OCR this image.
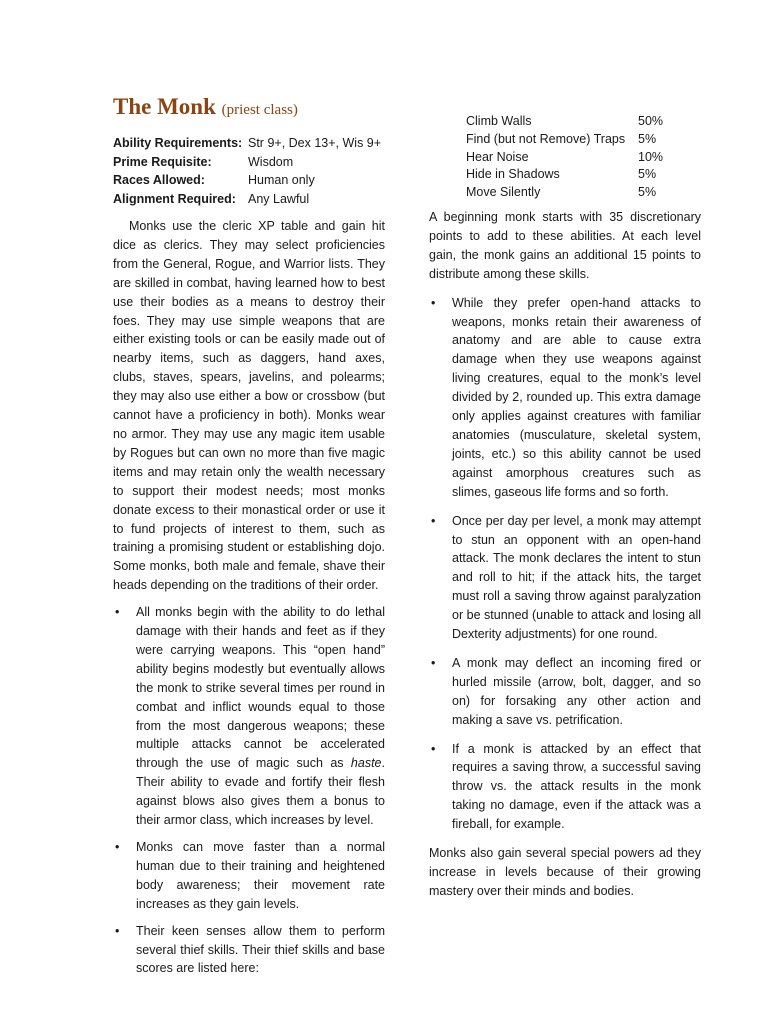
The Monk (priest class)
Ability Requirements: Str 9+, Dex 13+, Wis 9+
Prime Requisite:	Wisdom
Races Allowed:	Human only
Alignment Required: Any Lawful

Monks use the cleric XP table and gain hit dice as clerics. They may select proficiencies from the General, Rogue, and Warrior lists. They are skilled in combat, having learned how to best use their bodies as a means to destroy their foes. They may use simple weapons that are either existing tools or can be easily made out of nearby items, such as daggers, hand axes, clubs, staves, spears, javelins, and polearms; they may also use either a bow or crossbow (but cannot have a proficiency in both). Monks wear no armor. They may use any magic item usable by Rogues but can own no more than five magic items and may retain only the wealth necessary to support their modest needs; most monks donate excess to their monastical order or use it to fund projects of interest to them, such as training a promising student or establishing dojo. Some monks, both male and female, shave their heads depending on the traditions of their order.

• All monks begin with the ability to do lethal damage with their hands and feet as if they were carrying weapons. This “open hand” ability begins modestly but eventually allows the monk to strike several times per round in combat and inflict wounds equal to those from the most dangerous weapons; these multiple attacks cannot be accelerated through the use of magic such as haste. Their ability to evade and fortify their flesh against blows also gives them a bonus to their armor class, which increases by level.
• Monks can move faster than a normal human due to their training and heightened body awareness; their movement rate increases as they gain levels.
• Their keen senses allow them to perform several thief skills. Their thief skills and base scores are listed here:
Climb Walls	50%
Find (but not Remove) Traps	5%
Hear Noise	10%
Hide in Shadows	5%
Move Silently	5%

A beginning monk starts with 35 discretionary points to add to these abilities. At each level gain, the monk gains an additional 15 points to distribute among these skills.

• While they prefer open-hand attacks to weapons, monks retain their awareness of anatomy and are able to cause extra damage when they use weapons against living creatures, equal to the monk’s level divided by 2, rounded up. This extra damage only applies against creatures with familiar anatomies (musculature, skeletal system, joints, etc.) so this ability cannot be used against amorphous creatures such as slimes, gaseous life forms and so forth.
• Once per day per level, a monk may attempt to stun an opponent with an open-hand attack. The monk declares the intent to stun and roll to hit; if the attack hits, the target must roll a saving throw against paralyzation or be stunned (unable to attack and losing all Dexterity adjustments) for one round.
• A monk may deflect an incoming fired or hurled missile (arrow, bolt, dagger, and so on) for forsaking any other action and making a save vs. petrification.
• If a monk is attacked by an effect that requires a saving throw, a successful saving throw vs. the attack results in the monk taking no damage, even if the attack was a fireball, for example.

Monks also gain several special powers ad they increase in levels because of their growing mastery over their minds and bodies.
